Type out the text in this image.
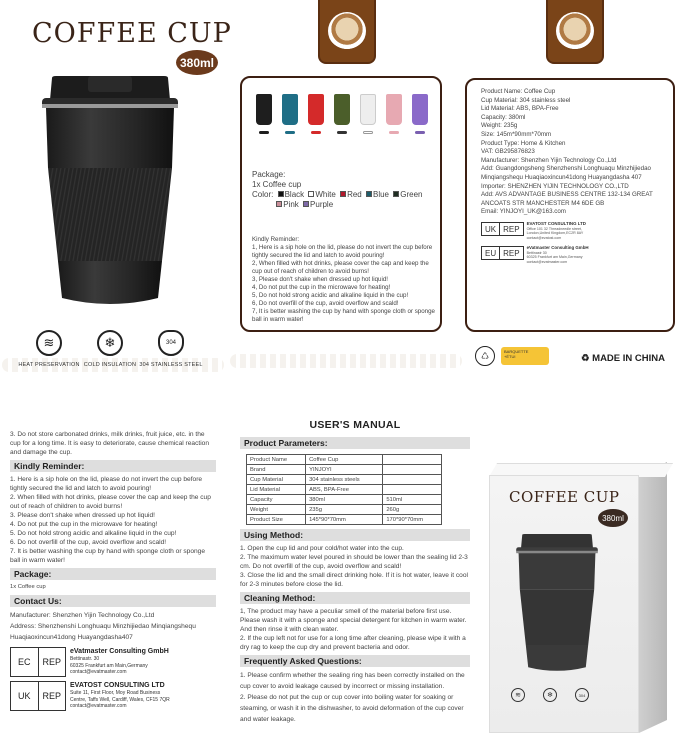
COFFEE CUP
380ml
≋
HEAT PRESERVATION
❄
COLD INSULATION
304
304 STAINLESS STEEL
Package:
1x Coffee cup
Color: Black White Red Blue Green
Pink Purple
Kindly Reminder:
1, Here is a sip hole on the lid, please do not invert the cup before tightly secured the lid and latch to avoid pouring!
2, When filled with hot drinks, please cover the cap and keep the cup out of reach of children to avoid burns!
3, Please don't shake when dressed up hot liquid!
4, Do not put the cup in the microwave for heating!
5, Do not hold strong acidic and alkaline liquid in the cup!
6, Do not overfill of the cup, avoid overflow and scald!
7, It is better washing the cup by hand with sponge cloth or sponge ball in warm water!
Product Name: Coffee Cup
Cup Material: 304 stainless steel
Lid Material: ABS, BPA-Free
Capacity: 380ml
Weight: 235g
Size: 145m*90mm*70mm
Product Type: Home & Kitchen
VAT: GB295876823
Manufacturer: Shenzhen Yijin Technology Co.,Ltd
Add: Guangdongsheng Shenzhenshi Longhuaqu Minzhijiedao Minqiangshequ Huaqiaoxincun41dong Huayangdasha 407
Importer: SHENZHEN YIJIN TECHNOLOGY CO.,LTD
Add: AVS ADVANTAGE BUSINESS CENTRE 132-134 GREAT ANCOATS STR MANCHESTER M4 6DE GB
Email: YINJOYI_UK@163.com
UK REP
EVATOST CONSULTING LTD
Office 101 32 Threadneedle street,
London,United Kingdom,EC2R 8AY
contact@evatost.com
EU REP
eVatmaster Consulting GmbH
Bettinastr 30
60325 Frankfurt am Main,Germany
contact@evatmaster.com
♺	BARQUETTE
+ÉTUI	♻ MADE IN CHINA
3. Do not store carbonated drinks, milk drinks, fruit juice, etc. in the cup for a long time. It is easy to deteriorate, cause chemical reaction and damage the cup.
Kindly Reminder:
1. Here is a sip hole on the lid, please do not invert the cup before tightly secured the lid and latch to avoid pouring!
2. When filled with hot drinks, please cover the cap and keep the cup out of reach of children to avoid burns!
3. Please don't shake when dressed up hot liquid!
4. Do not put the cup in the microwave for heating!
5. Do not hold strong acidic and alkaline liquid in the cup!
6. Do not overfill of the cup, avoid overflow and scald!
7. It is better washing the cup by hand with sponge cloth or sponge ball in warm water!
Package:
1x Coffee cup
Contact Us:
Manufacturer: Shenzhen Yijin Technology Co.,Ltd
Address: Shenzhenshi Longhuaqu Minzhijiedao Minqiangshequ Huaqiaoxincun41dong Huayangdasha407
EC	REP
eVatmaster Consulting GmbH
Bettinastr. 30
60325 Frankfurt am Main,Germany
contact@evatmaster.com
UK	REP
EVATOST CONSULTING LTD
Suite 11, First Floor, Moy Road Business
Centre, Taffs Well, Cardiff, Wales, CF15 7QR
contact@evatmaster.com
USER'S MANUAL
Product Parameters:
Product Name	Coffee Cup	
Brand	YINJOYI	
Cup Material	304 stainless steels	
Lid Material	ABS, BPA-Free	
Capacity	380ml	510ml
Weight	235g	260g
Product Size	145*90*70mm	170*90*70mm
Using Method:
1. Open the cup lid and pour cold/hot water into the cup.
2. The maximum water level poured in should be lower than the sealing lid 2-3 cm. Do not overfill of the cup, avoid overflow and scald!
3. Close the lid and the small direct drinking hole. If it is hot water, leave it cool for 2-3 minutes before close the lid.
Cleaning Method:
1, The product may have a peculiar smell of the material before first use. Please wash it with a sponge and special detergent for kitchen in warm water. And then rinse it with clean water.
2. If the cup left not for use for a long time after cleaning, please wipe it with a dry rag to keep the cup dry and prevent bacteria and odor.
Frequently Asked Questions:
1. Please confirm whether the sealing ring has been correctly installed on the cup cover to avoid leakage caused by incorrect or missing installation.
2. Please do not put the cup or cup cover into boiling water for soaking or steaming, or wash it in the dishwasher, to avoid deformation of the cup cover and water leakage.
COFFEE CUP
380ml
≋	❄	304
